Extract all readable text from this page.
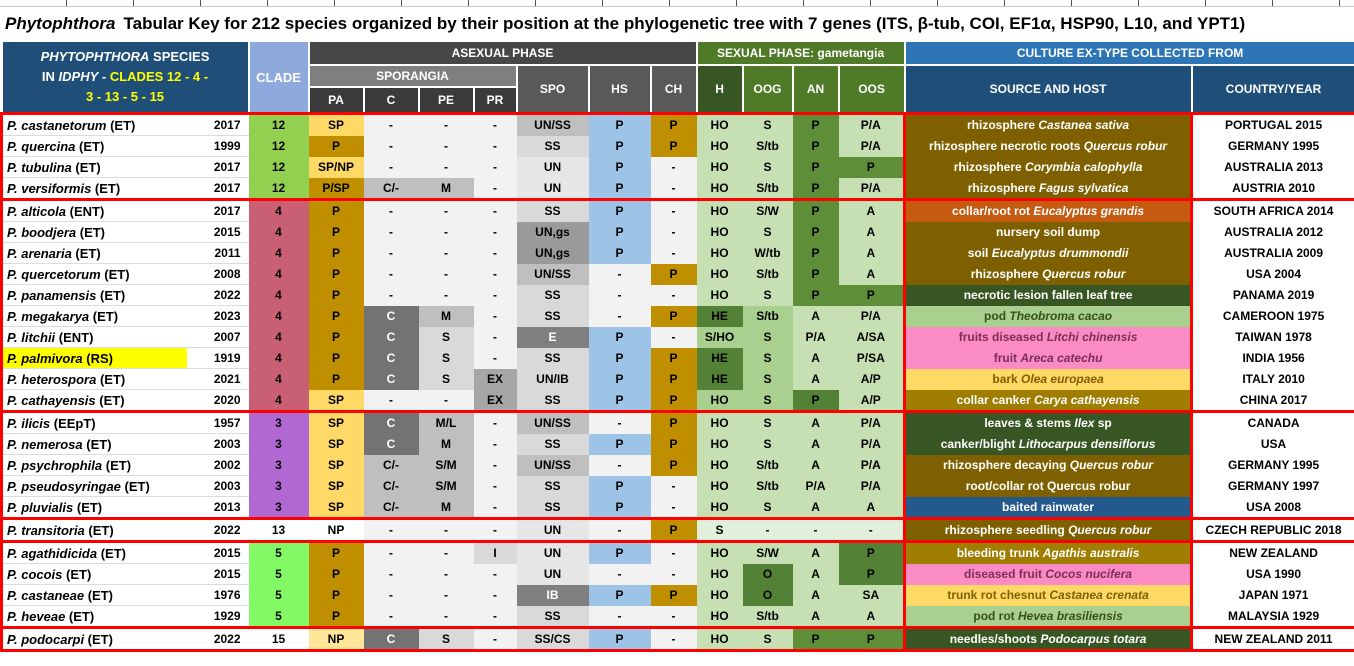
Phytophthora Tabular Key for 212 species organized by their position at the phylogenetic tree with 7 genes (ITS, β-tub, COI, EF1α, HSP90, L10, and YPT1)
PHYTOPHTHORA SPECIES
IN IDPHY - CLADES 12 - 4 -
3 - 13 - 5 - 15		CLADE	ASEXUAL PHASE							SEXUAL PHASE: gametangia				CULTURE EX-TYPE COLLECTED FROM	
			SPORANGIA				SPO	HS	CH	H	OOG	AN	OOS	SOURCE AND HOST	COUNTRY/YEAR
			PA	C	PE	PR									
P. castanetorum (ET)	2017	12	SP	-	-	-	UN/SS	P	P	HO	S	P	P/A	rhizosphere Castanea sativa	PORTUGAL 2015
P. quercina (ET)	1999	12	P	-	-	-	SS	P	P	HO	S/tb	P	P/A	rhizosphere necrotic roots Quercus robur	GERMANY 1995
P. tubulina (ET)	2017	12	SP/NP	-	-	-	UN	P	-	HO	S	P	P	rhizosphere Corymbia calophylla	AUSTRALIA 2013
P. versiformis (ET)	2017	12	P/SP	C/-	M	-	UN	P	-	HO	S/tb	P	P/A	rhizosphere Fagus sylvatica	AUSTRIA 2010
P. alticola (ENT)	2017	4	P	-	-	-	SS	P	-	HO	S/W	P	A	collar/root rot Eucalyptus grandis	SOUTH AFRICA 2014
P. boodjera (ET)	2015	4	P	-	-	-	UN,gs	P	-	HO	S	P	A	nursery soil dump	AUSTRALIA 2012
P. arenaria (ET)	2011	4	P	-	-	-	UN,gs	P	-	HO	W/tb	P	A	soil Eucalyptus drummondii	AUSTRALIA 2009
P. quercetorum (ET)	2008	4	P	-	-	-	UN/SS	-	P	HO	S/tb	P	A	rhizosphere Quercus robur	USA 2004
P. panamensis (ET)	2022	4	P	-	-	-	SS	-	-	HO	S	P	P	necrotic lesion fallen leaf tree	PANAMA 2019
P. megakarya (ET)	2023	4	P	C	M	-	SS	-	P	HE	S/tb	A	P/A	pod Theobroma cacao	CAMEROON 1975
P. litchii (ENT)	2007	4	P	C	S	-	E	P	-	S/HO	S	P/A	A/SA	fruits diseased Litchi chinensis	TAIWAN 1978
P. palmivora (RS)	1919	4	P	C	S	-	SS	P	P	HE	S	A	P/SA	fruit Areca catechu	INDIA 1956
P. heterospora (ET)	2021	4	P	C	S	EX	UN/IB	P	P	HE	S	A	A/P	bark Olea europaea	ITALY 2010
P. cathayensis (ET)	2020	4	SP	-	-	EX	SS	P	P	HO	S	P	A/P	collar canker Carya cathayensis	CHINA 2017
P. ilicis (EEpT)	1957	3	SP	C	M/L	-	UN/SS	-	P	HO	S	A	P/A	leaves & stems Ilex sp	CANADA
P. nemerosa (ET)	2003	3	SP	C	M	-	SS	P	P	HO	S	A	P/A	canker/blight Lithocarpus densiflorus	USA
P. psychrophila (ET)	2002	3	SP	C/-	S/M	-	UN/SS	-	P	HO	S/tb	A	P/A	rhizosphere decaying Quercus robur	GERMANY 1995
P. pseudosyringae (ET)	2003	3	SP	C/-	S/M	-	SS	P	-	HO	S/tb	P/A	P/A	root/collar rot Quercus robur	GERMANY 1997
P. pluvialis (ET)	2013	3	SP	C/-	M	-	SS	P	-	HO	S	A	A	baited rainwater	USA 2008
P. transitoria (ET)	2022	13	NP	-	-	-	UN	-	P	S	-	-	-	rhizosphere seedling Quercus robur	CZECH REPUBLIC 2018
P. agathidicida (ET)	2015	5	P	-	-	I	UN	P	-	HO	S/W	A	P	bleeding trunk Agathis australis	NEW ZEALAND
P. cocois (ET)	2015	5	P	-	-	-	UN	-	-	HO	O	A	P	diseased fruit Cocos nucifera	USA 1990
P. castaneae (ET)	1976	5	P	-	-	-	IB	P	P	HO	O	A	SA	trunk rot chesnut Castanea crenata	JAPAN 1971
P. heveae (ET)	1929	5	P	-	-	-	SS	-	-	HO	S/tb	A	A	pod rot Hevea brasiliensis	MALAYSIA 1929
P. podocarpi (ET)	2022	15	NP	C	S	-	SS/CS	P	-	HO	S	P	P	needles/shoots Podocarpus totara	NEW ZEALAND 2011
